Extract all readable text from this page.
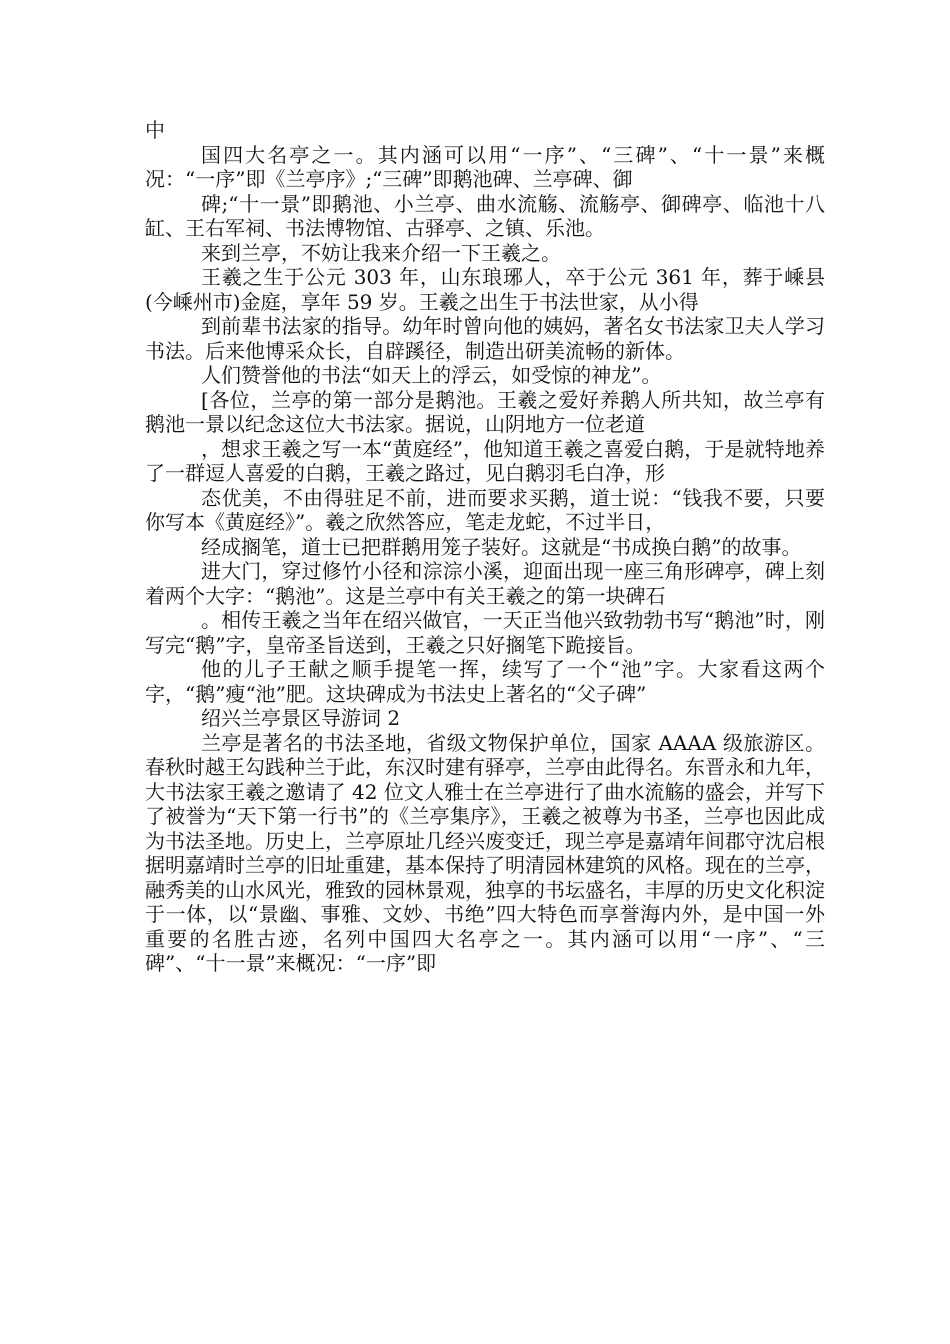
中

国四大名亭之一。其内涵可以用“一序”、“三碑”、“十一景”来概况：“一序”即《兰亭序》;“三碑”即鹅池碑、兰亭碑、御

碑;“十一景”即鹅池、小兰亭、曲水流觞、流觞亭、御碑亭、临池十八缸、王右军祠、书法博物馆、古驿亭、之镇、乐池。

来到兰亭，不妨让我来介绍一下王羲之。

王羲之生于公元 303 年，山东琅琊人，卒于公元 361 年，葬于嵊县(今嵊州市)金庭，享年 59 岁。王羲之出生于书法世家，从小得

到前辈书法家的指导。幼年时曾向他的姨妈，著名女书法家卫夫人学习书法。后来他博采众长，自辟蹊径，制造出研美流畅的新体。

人们赞誉他的书法“如天上的浮云，如受惊的神龙”。

[各位，兰亭的第一部分是鹅池。王羲之爱好养鹅人所共知，故兰亭有鹅池一景以纪念这位大书法家。据说，山阴地方一位老道

，想求王羲之写一本“黄庭经”，他知道王羲之喜爱白鹅，于是就特地养了一群逗人喜爱的白鹅，王羲之路过，见白鹅羽毛白净，形

态优美，不由得驻足不前，进而要求买鹅，道士说：“钱我不要，只要你写本《黄庭经》”。羲之欣然答应，笔走龙蛇，不过半日，

经成搁笔，道士已把群鹅用笼子装好。这就是“书成换白鹅”的故事。

进大门，穿过修竹小径和淙淙小溪，迎面出现一座三角形碑亭，碑上刻着两个大字：“鹅池”。这是兰亭中有关王羲之的第一块碑石

。相传王羲之当年在绍兴做官，一天正当他兴致勃勃书写“鹅池”时，刚写完“鹅”字，皇帝圣旨送到，王羲之只好搁笔下跪接旨。

他的儿子王献之顺手提笔一挥，续写了一个“池”字。大家看这两个字，“鹅”瘦“池”肥。这块碑成为书法史上著名的“父子碑”

绍兴兰亭景区导游词 2

兰亭是著名的书法圣地，省级文物保护单位，国家 AAAA 级旅游区。春秋时越王勾践种兰于此，东汉时建有驿亭，兰亭由此得名。东晋永和九年，大书法家王羲之邀请了 42 位文人雅士在兰亭进行了曲水流觞的盛会，并写下了被誉为“天下第一行书”的《兰亭集序》，王羲之被尊为书圣，兰亭也因此成为书法圣地。历史上，兰亭原址几经兴废变迁，现兰亭是嘉靖年间郡守沈启根据明嘉靖时兰亭的旧址重建，基本保持了明清园林建筑的风格。现在的兰亭，融秀美的山水风光，雅致的园林景观，独享的书坛盛名，丰厚的历史文化积淀于一体，以“景幽、事雅、文妙、书绝”四大特色而享誉海内外，是中国一外重要的名胜古迹，名列中国四大名亭之一。其内涵可以用“一序”、“三碑”、“十一景”来概况：“一序”即
